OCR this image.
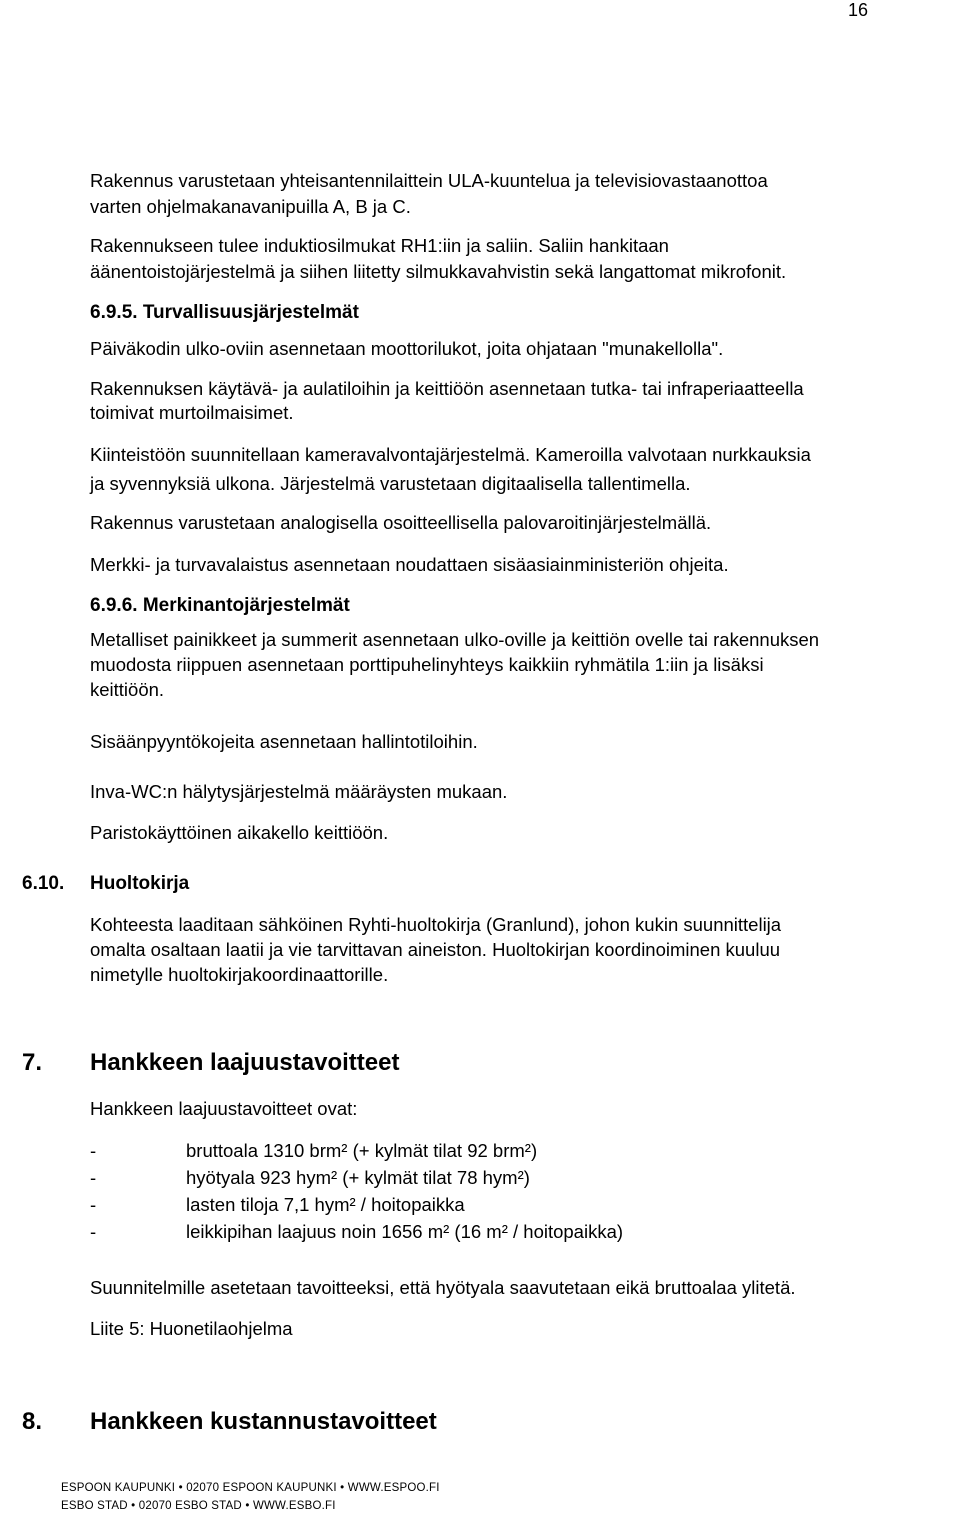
16

Rakennus varustetaan yhteisantennilaittein ULA-kuuntelua ja televisiovastaanottoa

varten ohjelmakanavanipuilla A, B ja C.

Rakennukseen tulee induktiosilmukat RH1:iin ja saliin. Saliin hankitaan

äänentoistojärjestelmä ja siihen liitetty silmukkavahvistin sekä langattomat mikrofonit.

6.9.5. Turvallisuusjärjestelmät

Päiväkodin ulko-oviin asennetaan moottorilukot, joita ohjataan "munakellolla".

Rakennuksen käytävä- ja aulatiloihin ja keittiöön asennetaan tutka- tai infraperiaatteella

toimivat murtoilmaisimet.

Kiinteistöön suunnitellaan kameravalvontajärjestelmä. Kameroilla valvotaan nurkkauksia

ja syvennyksiä ulkona. Järjestelmä varustetaan digitaalisella tallentimella.

Rakennus varustetaan analogisella osoitteellisella palovaroitinjärjestelmällä.

Merkki- ja turvavalaistus asennetaan noudattaen sisäasiainministeriön ohjeita.

6.9.6. Merkinantojärjestelmät

Metalliset painikkeet ja summerit asennetaan ulko-oville ja keittiön ovelle tai rakennuksen

muodosta riippuen asennetaan porttipuhelinyhteys kaikkiin ryhmätila 1:iin ja lisäksi

keittiöön.

Sisäänpyyntökojeita asennetaan hallintotiloihin.

Inva-WC:n hälytysjärjestelmä määräysten mukaan.

Paristokäyttöinen aikakello keittiöön.

6.10. Huoltokirja

Kohteesta laaditaan sähköinen Ryhti-huoltokirja (Granlund), johon kukin suunnittelija

omalta osaltaan laatii ja vie tarvittavan aineiston. Huoltokirjan koordinoiminen kuuluu

nimetylle huoltokirjakoordinaattorille.

7. Hankkeen laajuustavoitteet

Hankkeen laajuustavoitteet ovat:

-	bruttoala 1310 brm² (+ kylmät tilat 92 brm²)
-	hyötyala 923 hym² (+ kylmät tilat 78 hym²)
-	lasten tiloja 7,1 hym² / hoitopaikka
-	leikkipihan laajuus noin 1656 m² (16 m² / hoitopaikka)

Suunnitelmille asetetaan tavoitteeksi, että hyötyala saavutetaan eikä bruttoalaa ylitetä.

Liite 5: Huonetilaohjelma

8. Hankkeen kustannustavoitteet
ESPOON KAUPUNKI • 02070 ESPOON KAUPUNKI • WWW.ESPOO.FI
ESBO STAD • 02070 ESBO STAD • WWW.ESBO.FI
